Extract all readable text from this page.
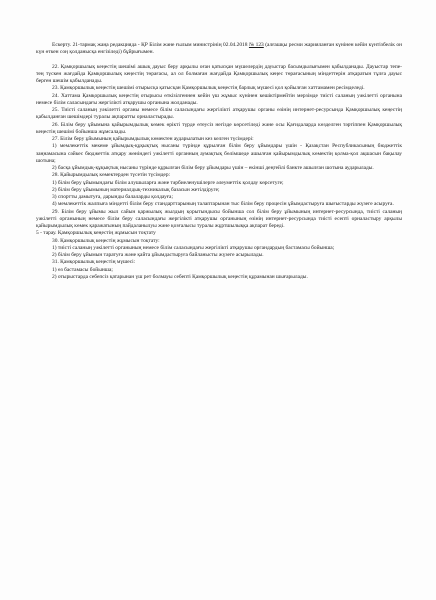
Ескерту. 21-тармақ жаңа редакцияда - ҚР Білім және ғылым министрінің 02.04.2018 № 123 (алғашқы ресми жарияланған күнінен кейін күнтізбелік он күн өткен соң қолданысқа енгізіледі) бұйрығымен.

22. Қамқоршылық кеңестің шешімі ашық дауыс беру арқылы оған қатысқан мүшелердің дауыстар басымдылығымен қабылданады. Дауыстар тепе-тең түскен жағдайда Қамқоршылық кеңестің төрағасы, ал ол болмаған жағдайда Қамқоршылық кеңес төрағасының міндеттерін атқаратын тұлға дауыс берген шешім қабылданады.

23. Қамқоршылық кеңестің шешімі отырысқа қатысқан Қамқоршылық кеңестің барлық мүшесі қол қойылған хаттамамен ресімделеді.

24. Хаттама Қамқоршылық кеңестің отырысы өткізілгеннен кейін үш жұмыс күнінен кешіктірмейтін мерзімде тиісті саланың уәкілетті органына немесе білім саласындағы жергілікті атқарушы органына жолданады.

25. Тиісті саланың уәкілетті органы немесе білім саласындағы жергілікті атқарушы органы өзінің интернет-ресурсында Қамқоршылық кеңестің қабылданған шешімдері туралы ақпаратты орналастырады.

26. Білім беру ұйымына қайырымдылық көмек өрікті түрде өтеусіз негізде көрсетіледі және осы Қағидаларда көзделген тәртіппен Қамқоршылық кеңестің шешімі бойынша жұмсалады.

27. Білім беру ұйымының қайырымдылық көмектен аударылатын кез келген түсімдері:

1) мемлекеттік мекеме ұйымдық-құқықтық нысаны түрінде құрылған білім беру ұйымдары үшін - Қазақстан Республикасының бюджеттік заңнамасына сәйкес бюджеттік атқару жөніндегі уәкілетті органның аумақтық бөлімшеде ашылған қайырымдылық көмектің қолма-қол ақшасын бақылау шотына;

2) басқа ұйымдық-құқықтық нысаны түрінде құрылған білім беру ұйымдары үшін – екінші деңгейлі банкте ашылған шотына аударылады.

28. Қайырымдылық көмектерден түсетін түсімдер:

1) білім беру ұйымындағы білім алушыларға және тәрбиеленушілерге әлеуметтік қолдау көрсетуге;

2) білім беру ұйымының материалдық-техникалық базасын жетілдіруге;

3) спортты дамытуға, дарынды балаларды қолдауға;

4) мемлекеттік жалпыға міндетті білім беру стандарттарының талаптарынан тыс білім беру процесін ұйымдастыруға шығыстарды жүзеге асыруға.

29. Білім беру ұйымы жыл сайын қаржылық жылдың қорытындысы бойынша сол білім беру ұйымының интернет-ресурсында, тиісті саланың уәкілетті органының немесе білім беру саласындағы жергілікті атқарушы органының өзінің интернет-ресурсында тиісті есепті орналастыру арқылы қайырымдылық көмек қаражатының пайдаланылуы және қозғалысы туралы жұртшылыққа ақпарат береді.

5 - тарау. Қамқоршылық кеңестің жұмысын тоқтату

30. Қамқоршылық кеңестің жұмысын тоқтату:

1) тиісті саланың уәкілетті органының немесе білім саласындағы жергілікті атқарушы органдардың бастамасы бойынша;

2) білім беру ұйымын таратуға және қайта ұйымдастыруға байланысты жүзеге асырылады.

31. Қамқоршылық кеңестің мүшесі:

1) өз бастамасы бойынша;

2) отырыстарда себепсіз қатарынан үш рет болмауы себепті Қамқоршылық кеңестің құрамынан шығарылады.
